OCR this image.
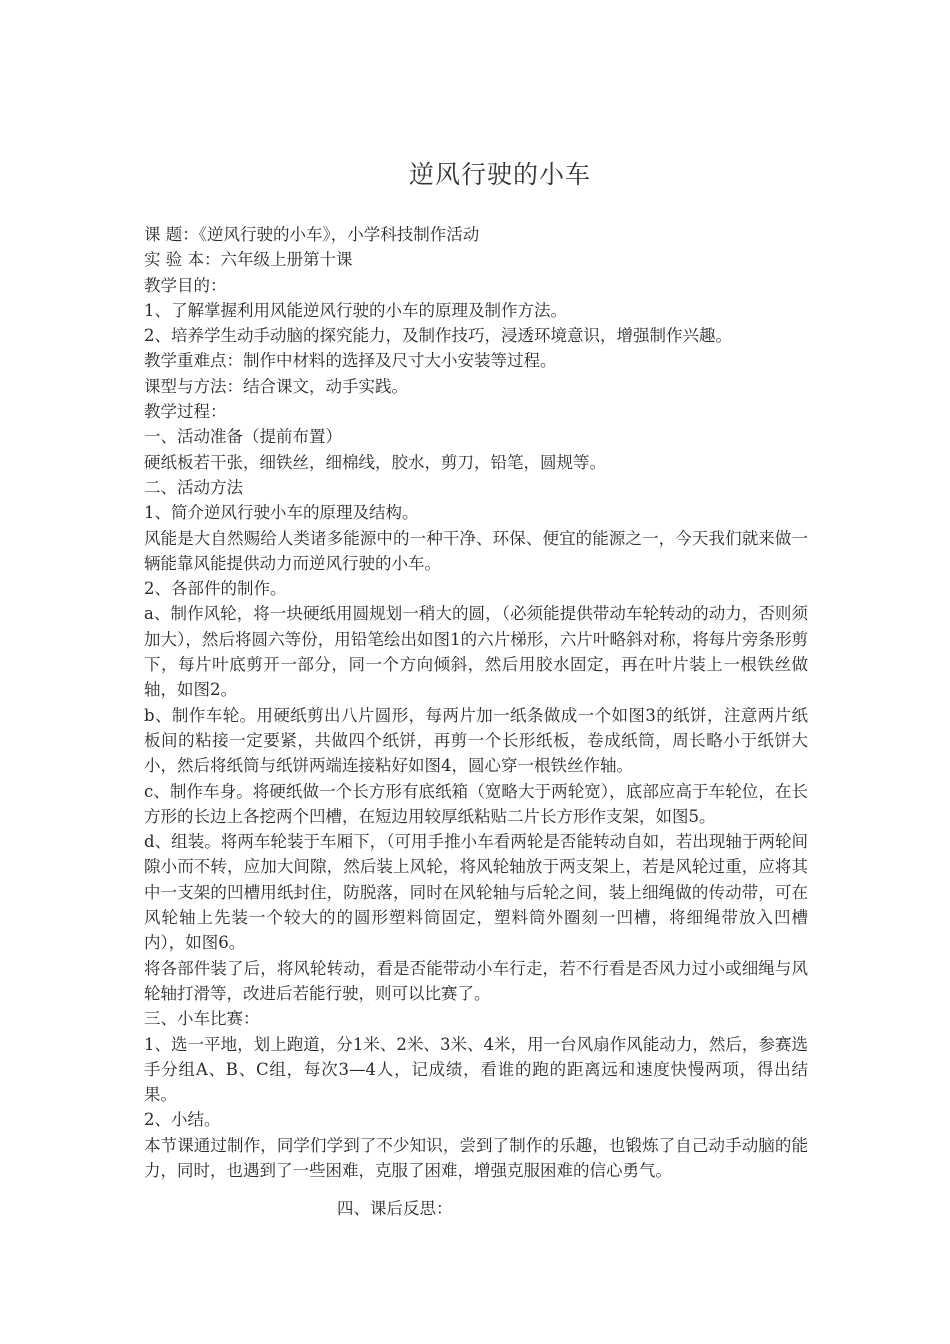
逆风行驶的小车

课 题：《逆风行驶的小车》，小学科技制作活动

实 验 本：六年级上册第十课

教学目的：

1、了解掌握利用风能逆风行驶的小车的原理及制作方法。

2、培养学生动手动脑的探究能力，及制作技巧，浸透环境意识，增强制作兴趣。

教学重难点：制作中材料的选择及尺寸大小安装等过程。

课型与方法：结合课文，动手实践。

教学过程：

一、活动准备（提前布置）

硬纸板若干张，细铁丝，细棉线，胶水，剪刀，铅笔，圆规等。

二、活动方法

1、简介逆风行驶小车的原理及结构。

风能是大自然赐给人类诸多能源中的一种干净、环保、便宜的能源之一，今天我们就来做一辆能靠风能提供动力而逆风行驶的小车。

2、各部件的制作。

a、制作风轮，将一块硬纸用圆规划一稍大的圆，（必须能提供带动车轮转动的动力，否则须加大），然后将圆六等份，用铅笔绘出如图1的六片梯形，六片叶略斜对称，将每片旁条形剪下，每片叶底剪开一部分，同一个方向倾斜，然后用胶水固定，再在叶片装上一根铁丝做轴，如图2。

b、制作车轮。用硬纸剪出八片圆形，每两片加一纸条做成一个如图3的纸饼，注意两片纸板间的粘接一定要紧，共做四个纸饼，再剪一个长形纸板，卷成纸筒，周长略小于纸饼大小，然后将纸筒与纸饼两端连接粘好如图4，圆心穿一根铁丝作轴。

c、制作车身。将硬纸做一个长方形有底纸箱（宽略大于两轮宽），底部应高于车轮位，在长方形的长边上各挖两个凹槽，在短边用较厚纸粘贴二片长方形作支架，如图5。

d、组装。将两车轮装于车厢下，（可用手推小车看两轮是否能转动自如，若出现轴于两轮间隙小而不转，应加大间隙，然后装上风轮，将风轮轴放于两支架上，若是风轮过重，应将其中一支架的凹槽用纸封住，防脱落，同时在风轮轴与后轮之间，装上细绳做的传动带，可在风轮轴上先装一个较大的的圆形塑料筒固定，塑料筒外圈刻一凹槽，将细绳带放入凹槽内），如图6。

将各部件装了后，将风轮转动，看是否能带动小车行走，若不行看是否风力过小或细绳与风轮轴打滑等，改进后若能行驶，则可以比赛了。

三、小车比赛：

1、选一平地，划上跑道，分1米、2米、3米、4米，用一台风扇作风能动力，然后，参赛选手分组A、B、C组，每次3—4人，记成绩，看谁的跑的距离远和速度快慢两项，得出结果。

2、小结。

本节课通过制作，同学们学到了不少知识，尝到了制作的乐趣，也锻炼了自己动手动脑的能力，同时，也遇到了一些困难，克服了困难，增强克服困难的信心勇气。

四、课后反思：
